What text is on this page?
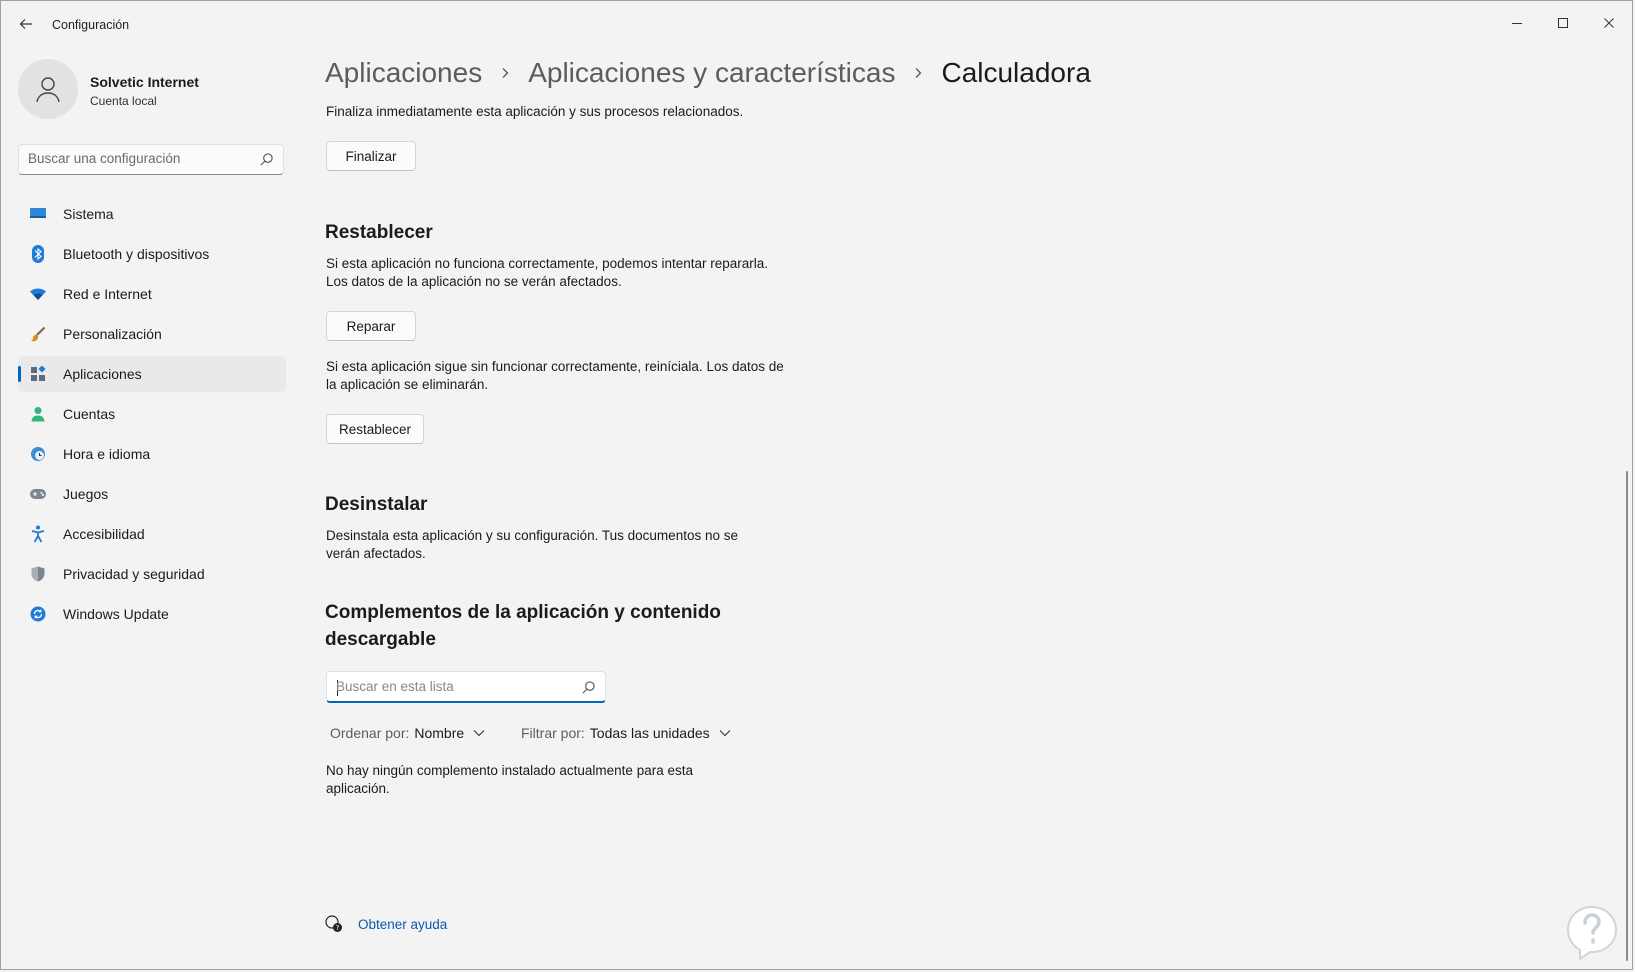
Configuración
Solvetic Internet
Cuenta local
Buscar una configuración
Sistema
Bluetooth y dispositivos
Red e Internet
Personalización
Aplicaciones
Cuentas
Hora e idioma
Juegos
Accesibilidad
Privacidad y seguridad
Windows Update
Aplicaciones Aplicaciones y características Calculadora
Finaliza inmediatamente esta aplicación y sus procesos relacionados.
Finalizar
Restablecer
Si esta aplicación no funciona correctamente, podemos intentar repararla. Los datos de la aplicación no se verán afectados.
Reparar
Si esta aplicación sigue sin funcionar correctamente, reiníciala. Los datos de la aplicación se eliminarán.
Restablecer
Desinstalar
Desinstala esta aplicación y su configuración. Tus documentos no se verán afectados.
Complementos de la aplicación y contenido descargable
Buscar en esta lista
Ordenar por: Nombre	Filtrar por: Todas las unidades
No hay ningún complemento instalado actualmente para esta aplicación.
? Obtener ayuda
